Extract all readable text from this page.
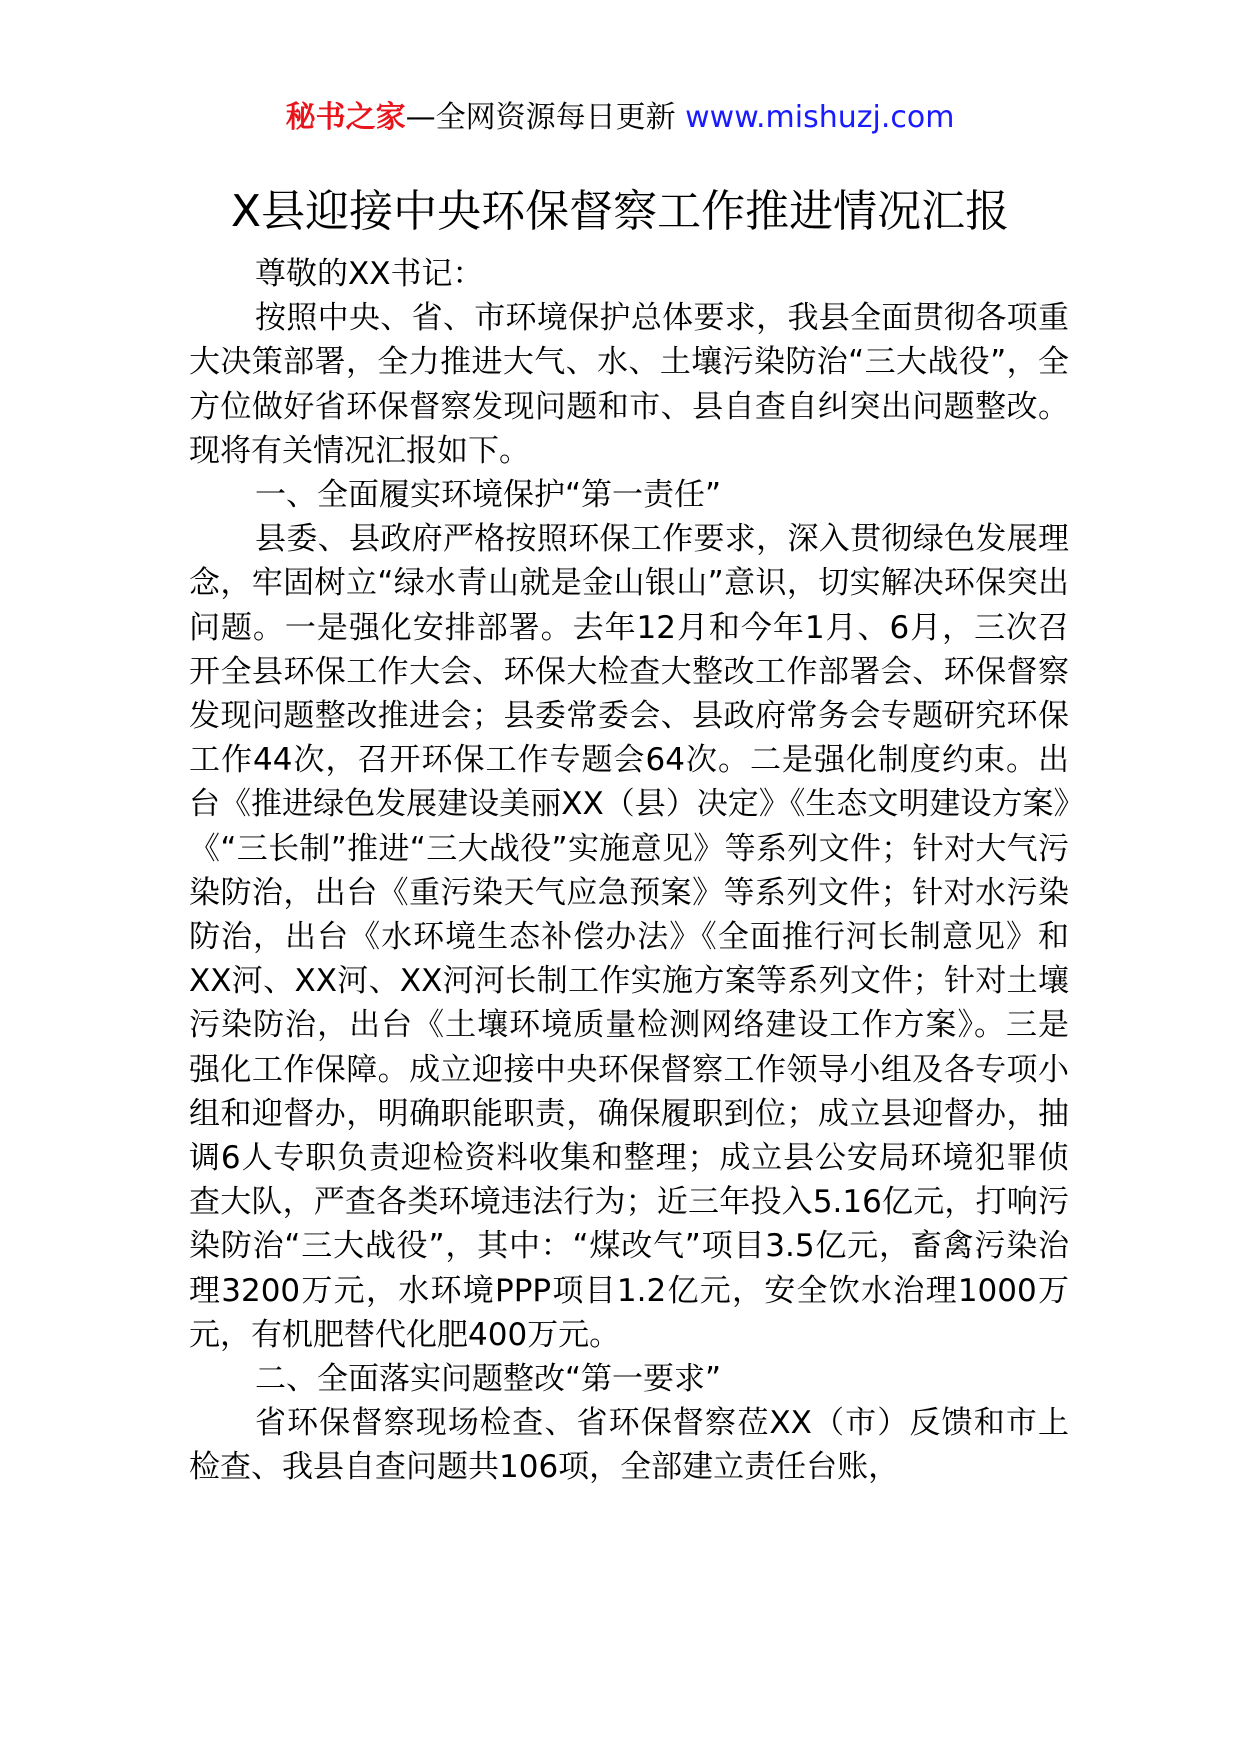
秘书之家—全网资源每日更新 www.mishuzj.com
X县迎接中央环保督察工作推进情况汇报

尊敬的XX书记：

按照中央、省、市环境保护总体要求，我县全面贯彻各项重大决策部署，全力推进大气、水、土壤污染防治“三大战役”，全方位做好省环保督察发现问题和市、县自查自纠突出问题整改。现将有关情况汇报如下。

一、全面履实环境保护“第一责任”

县委、县政府严格按照环保工作要求，深入贯彻绿色发展理念，牢固树立“绿水青山就是金山银山”意识，切实解决环保突出问题。一是强化安排部署。去年12月和今年1月、6月，三次召开全县环保工作大会、环保大检查大整改工作部署会、环保督察发现问题整改推进会；县委常委会、县政府常务会专题研究环保工作44次，召开环保工作专题会64次。二是强化制度约束。出台《推进绿色发展建设美丽XX（县）决定》《生态文明建设方案》《“三长制”推进“三大战役”实施意见》等系列文件；针对大气污染防治，出台《重污染天气应急预案》等系列文件；针对水污染防治，出台《水环境生态补偿办法》《全面推行河长制意见》和XX河、XX河、XX河河长制工作实施方案等系列文件；针对土壤污染防治，出台《土壤环境质量检测网络建设工作方案》。三是强化工作保障。成立迎接中央环保督察工作领导小组及各专项小组和迎督办，明确职能职责，确保履职到位；成立县迎督办，抽调6人专职负责迎检资料收集和整理；成立县公安局环境犯罪侦查大队，严查各类环境违法行为；近三年投入5.16亿元，打响污染防治“三大战役”，其中：“煤改气”项目3.5亿元，畜禽污染治理3200万元，水环境PPP项目1.2亿元，安全饮水治理1000万元，有机肥替代化肥400万元。

二、全面落实问题整改“第一要求”

省环保督察现场检查、省环保督察莅XX（市）反馈和市上检查、我县自查问题共106项，全部建立责任台账，
